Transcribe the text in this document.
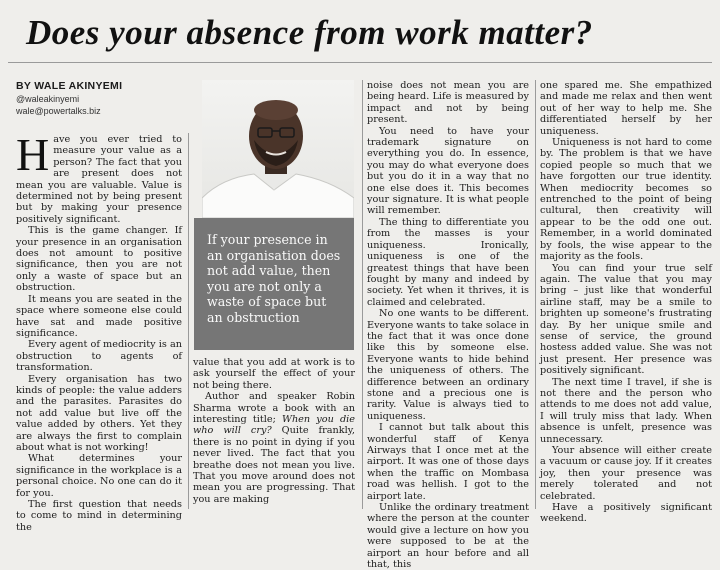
Does your absence from work matter?
BY WALE AKINYEMI
@waleakinyemi
wale@powertalks.biz
If your presence in an organisation does not add value, then you are not only a waste of space but an obstruction

Have you ever tried to measure your value as a person? The fact that you are present does not mean you are valuable. Value is determined not by being present but by making your presence positively significant.

This is the game changer. If your presence in an organisation does not amount to positive significance, then you are not only a waste of space but an obstruction.

It means you are seated in the space where someone else could have sat and made positive significance.

Every agent of mediocrity is an obstruction to agents of transformation.

Every organisation has two kinds of people: the value adders and the parasites. Parasites do not add value but live off the value added by others. Yet they are always the first to complain about what is not working!

What determines your significance in the workplace is a personal choice. No one can do it for you.

The first question that needs to come to mind in determining the

value that you add at work is to ask yourself the effect of your not being there.

Author and speaker Robin Sharma wrote a book with an interesting title; When you die who will cry? Quite frankly, there is no point in dying if you never lived. The fact that you breathe does not mean you live. That you move around does not mean you are progressing. That you are making

noise does not mean you are being heard. Life is measured by impact and not by being present.

You need to have your trademark signature on everything you do. In essence, you may do what everyone does but you do it in a way that no one else does it. This becomes your signature. It is what people will remember.

The thing to differentiate you from the masses is your uniqueness. Ironically, uniqueness is one of the greatest things that have been fought by many and indeed by society. Yet when it thrives, it is claimed and celebrated.

No one wants to be different. Everyone wants to take solace in the fact that it was once done like this by someone else. Everyone wants to hide behind the uniqueness of others. The difference between an ordinary stone and a precious one is rarity. Value is always tied to uniqueness.

I cannot but talk about this wonderful staff of Kenya Airways that I once met at the airport. It was one of those days when the traffic on Mombasa road was hellish. I got to the airport late.

Unlike the ordinary treatment where the person at the counter would give a lecture on how you were supposed to be at the airport an hour before and all that, this

one spared me. She empathized and made me relax and then went out of her way to help me. She differentiated herself by her uniqueness.

Uniqueness is not hard to come by. The problem is that we have copied people so much that we have forgotten our true identity. When mediocrity becomes so entrenched to the point of being cultural, then creativity will appear to be the odd one out. Remember, in a world dominated by fools, the wise appear to the majority as the fools.

You can find your true self again. The value that you may bring – just like that wonderful airline staff, may be a smile to brighten up someone's frustrating day. By her unique smile and sense of service, the ground hostess added value. She was not just present. Her presence was positively significant.

The next time I travel, if she is not there and the person who attends to me does not add value, I will truly miss that lady. When absence is unfelt, presence was unnecessary.

Your absence will either create a vacuum or cause joy. If it creates joy, then your presence was merely tolerated and not celebrated.

Have a positively significant weekend.
